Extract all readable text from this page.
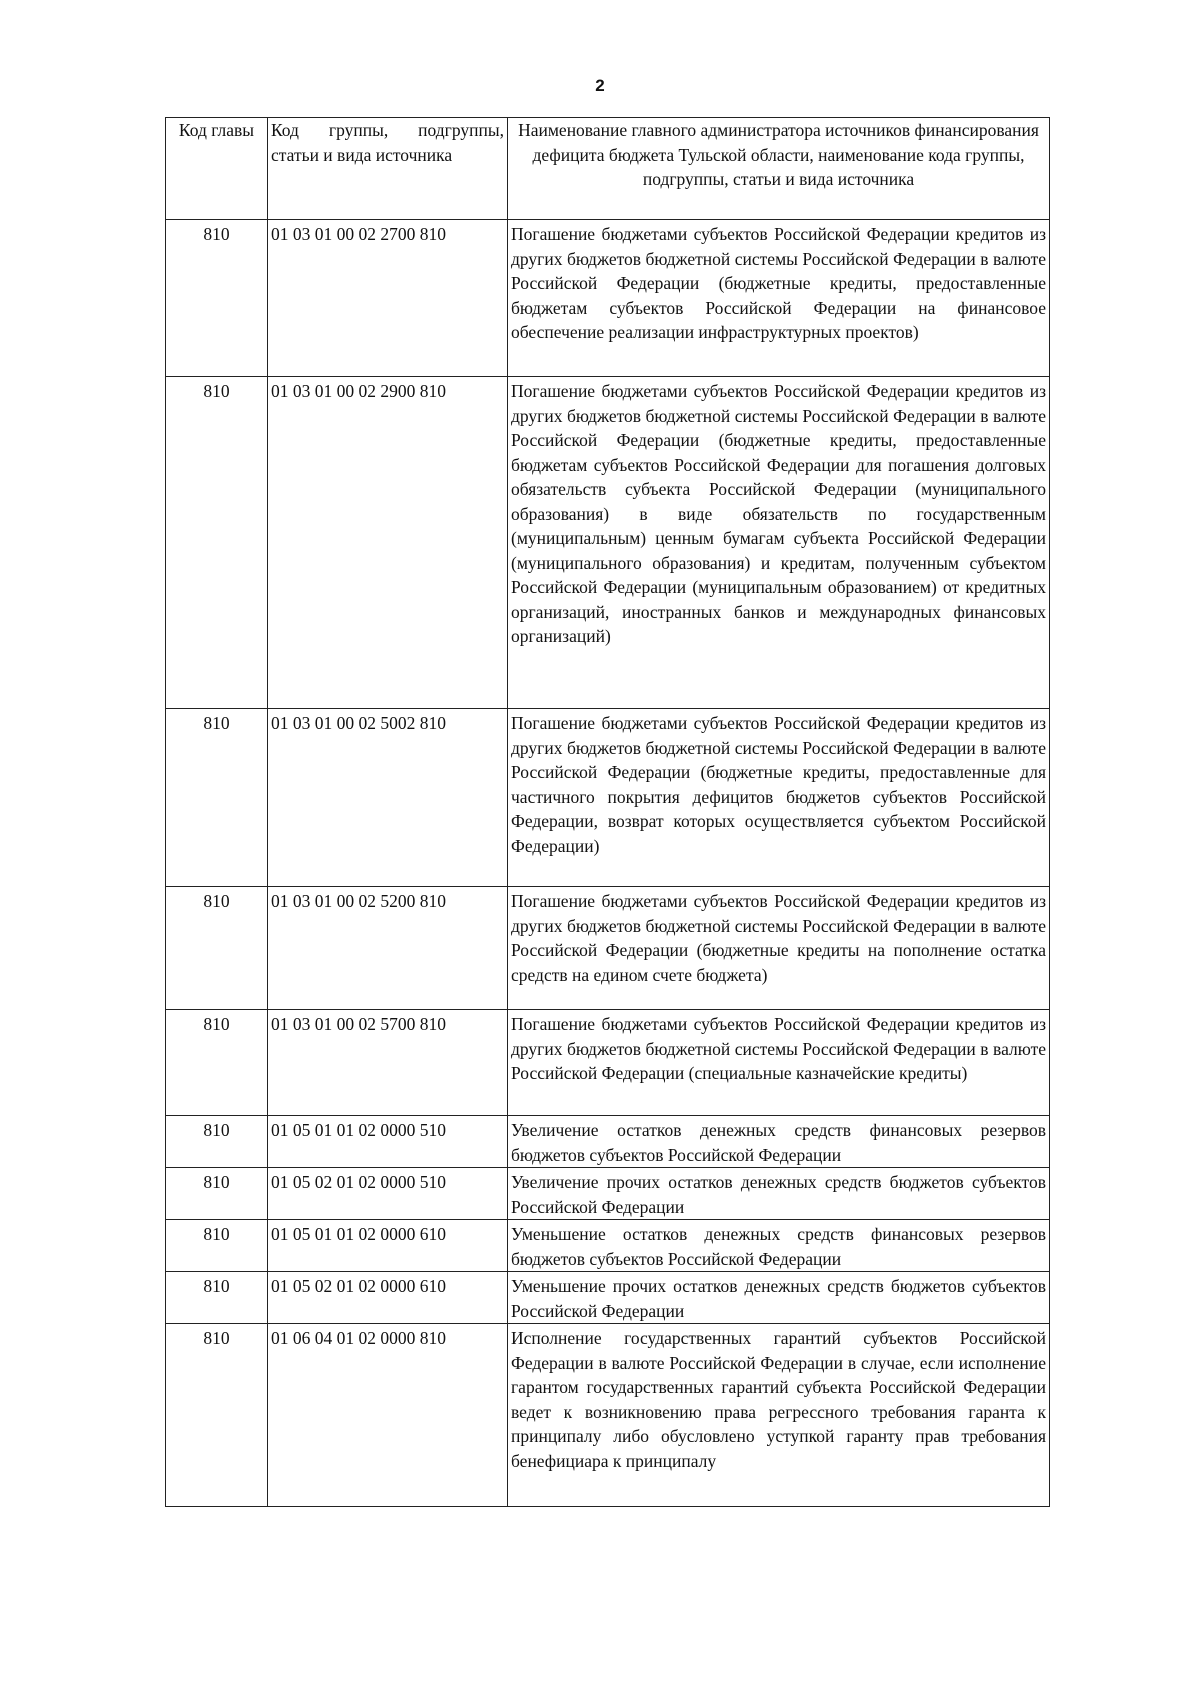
2
Код главы	Код группы, подгруппы, статьи и вида источника	Наименование главного администратора источников финансирования дефицита бюджета Тульской области, наименование кода группы, подгруппы, статьи и вида источника
810	01 03 01 00 02 2700 810	Погашение бюджетами субъектов Российской Федерации кредитов из других бюджетов бюджетной системы Российской Федерации в валюте Российской Федерации (бюджетные кредиты, предоставленные бюджетам субъектов Российской Федерации на финансовое обеспечение реализации инфраструктурных проектов)
810	01 03 01 00 02 2900 810	Погашение бюджетами субъектов Российской Федерации кредитов из других бюджетов бюджетной системы Российской Федерации в валюте Российской Федерации (бюджетные кредиты, предоставленные бюджетам субъектов Российской Федерации для погашения долговых обязательств субъекта Российской Федерации (муниципального образования) в виде обязательств по государственным (муниципальным) ценным бумагам субъекта Российской Федерации (муниципального образования) и кредитам, полученным субъектом Российской Федерации (муниципальным образованием) от кредитных организаций, иностранных банков и международных финансовых организаций)
810	01 03 01 00 02 5002 810	Погашение бюджетами субъектов Российской Федерации кредитов из других бюджетов бюджетной системы Российской Федерации в валюте Российской Федерации (бюджетные кредиты, предоставленные для частичного покрытия дефицитов бюджетов субъектов Российской Федерации, возврат которых осуществляется субъектом Российской Федерации)
810	01 03 01 00 02 5200 810	Погашение бюджетами субъектов Российской Федерации кредитов из других бюджетов бюджетной системы Российской Федерации в валюте Российской Федерации (бюджетные кредиты на пополнение остатка средств на едином счете бюджета)
810	01 03 01 00 02 5700 810	Погашение бюджетами субъектов Российской Федерации кредитов из других бюджетов бюджетной системы Российской Федерации в валюте Российской Федерации (специальные казначейские кредиты)
810	01 05 01 01 02 0000 510	Увеличение остатков денежных средств финансовых резервов бюджетов субъектов Российской Федерации
810	01 05 02 01 02 0000 510	Увеличение прочих остатков денежных средств бюджетов субъектов Российской Федерации
810	01 05 01 01 02 0000 610	Уменьшение остатков денежных средств финансовых резервов бюджетов субъектов Российской Федерации
810	01 05 02 01 02 0000 610	Уменьшение прочих остатков денежных средств бюджетов субъектов Российской Федерации
810	01 06 04 01 02 0000 810	Исполнение государственных гарантий субъектов Российской Федерации в валюте Российской Федерации в случае, если исполнение гарантом государственных гарантий субъекта Российской Федерации ведет к возникновению права регрессного требования гаранта к принципалу либо обусловлено уступкой гаранту прав требования бенефициара к принципалу
